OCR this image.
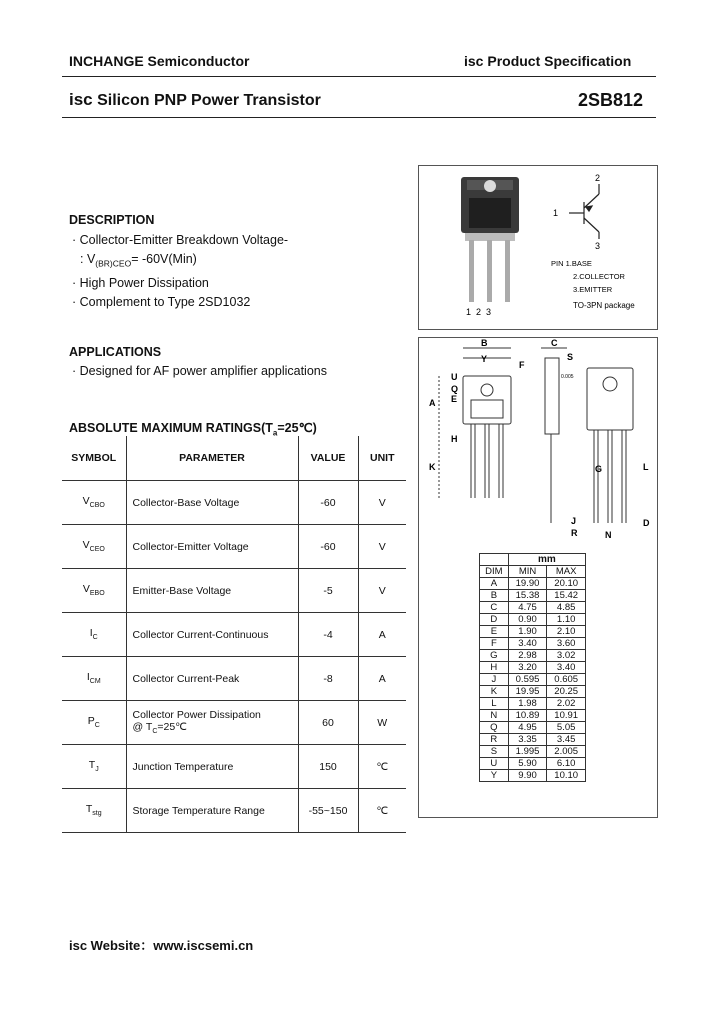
INCHANGE Semiconductor	isc Product Specification
isc Silicon PNP Power Transistor	2SB812
DESCRIPTION
· Collector-Emitter Breakdown Voltage-
: $V_{(BR)CEO}= -60V(Min)$
· High Power Dissipation
· Complement to Type 2SD1032
APPLICATIONS
· Designed for AF power amplifier applications
ABSOLUTE MAXIMUM $RATINGS(T_a=25℃)$
SYMBOL	PARAMETER	VALUE	UNIT
$V_{CBO}$	Collector-Base Voltage	-60	V
$V_{CEO}$	Collector-Emitter Voltage	-60	V
$V_{EBO}$	Emitter-Base Voltage	-5	V
$I_C$	Collector Current-Continuous	-4	A
$I_{CM}$	Collector Current-Peak	-8	A
$P_C$	Collector Power Dissipation
@ $T_C=25℃$	60	W
$T_J$	Junction Temperature	150	℃
$T_{stg}$	Storage Temperature Range	-55~150	℃
1  2  3
1
2
3
PIN 1.BASE
2.COLLECTOR
3.EMITTER
TO-3PN package
B
Y
C
S
F
U
Q
A E
H
K	G	L
J
N
D
R
0.005
	mm	
DIM	MIN	MAX
A	19.90	20.10
B	15.38	15.42
C	4.75	4.85
D	0.90	1.10
E	1.90	2.10
F	3.40	3.60
G	2.98	3.02
H	3.20	3.40
J	0.595	0.605
K	19.95	20.25
L	1.98	2.02
N	10.89	10.91
Q	4.95	5.05
R	3.35	3.45
S	1.995	2.005
U	5.90	6.10
Y	9.90	10.10
isc Website：www.iscsemi.cn
